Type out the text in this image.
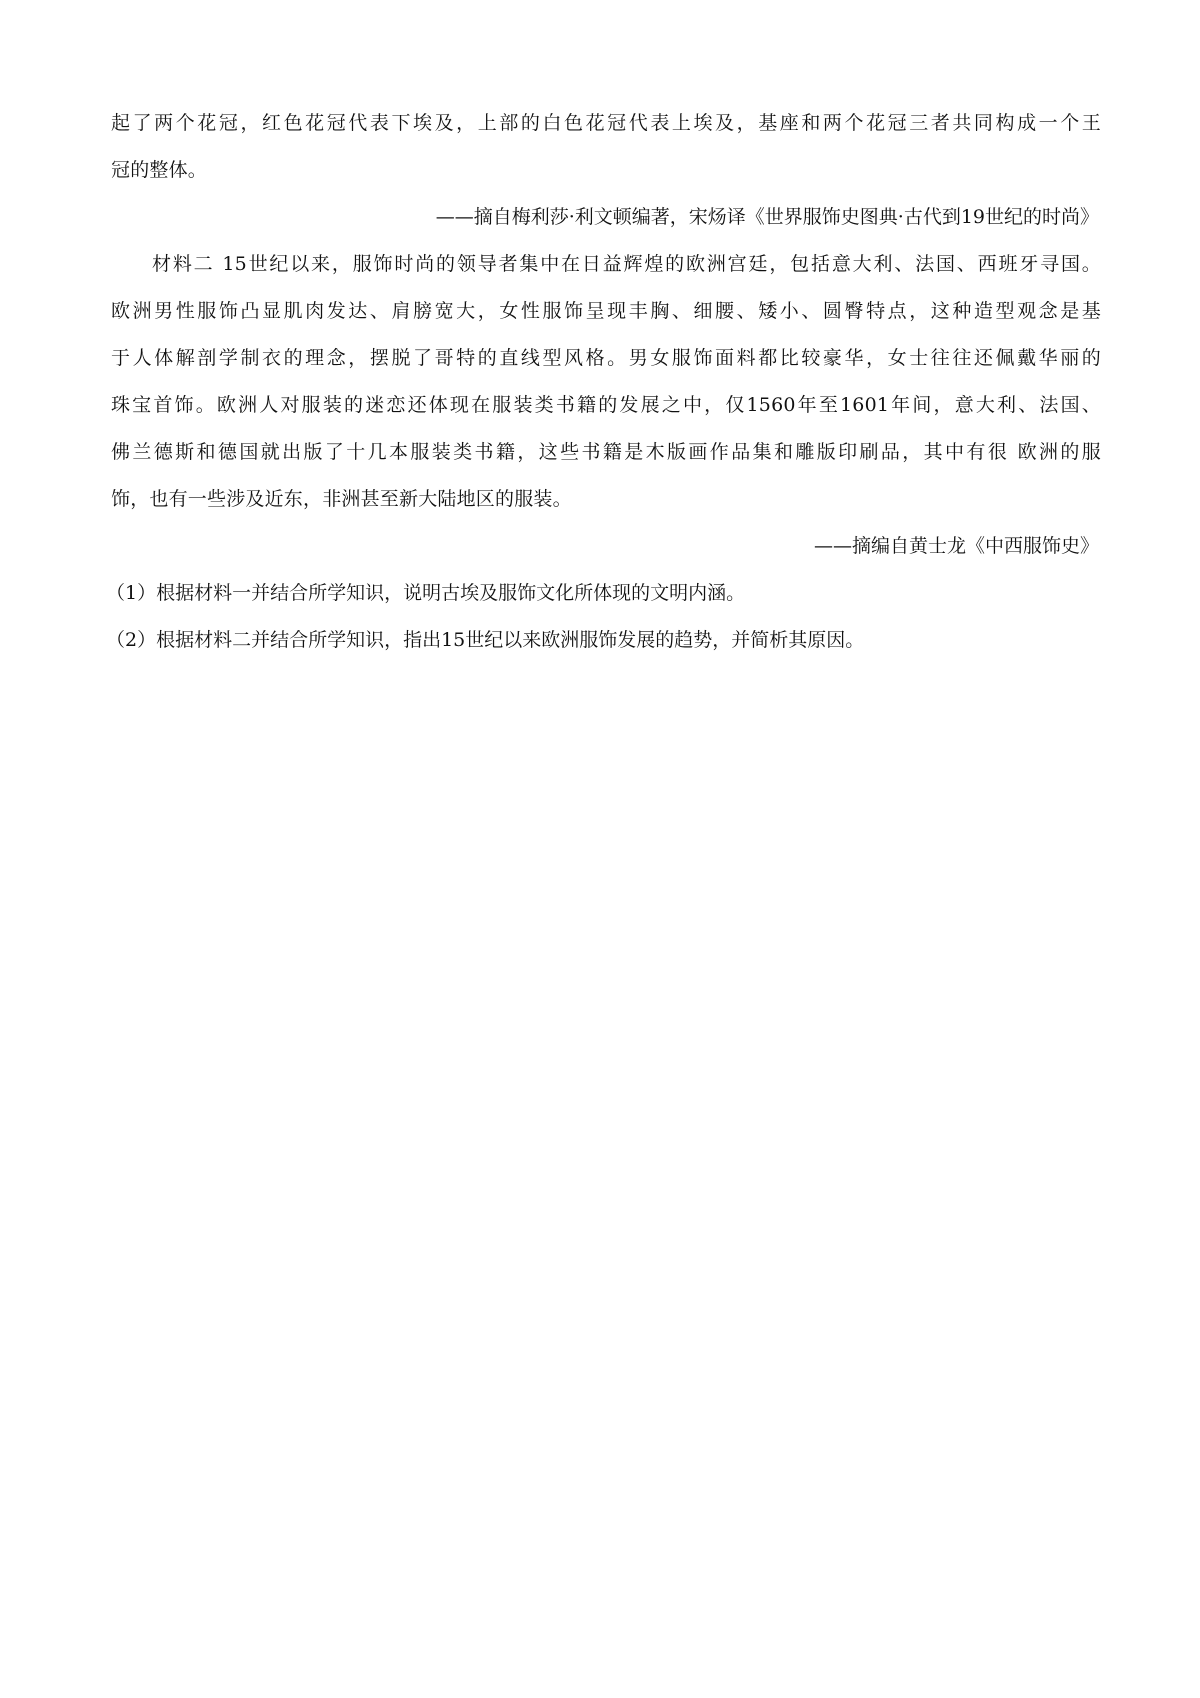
起了两个花冠，红色花冠代表下埃及，上部的白色花冠代表上埃及，基座和两个花冠三者共同构成一个王
冠的整体。
——摘自梅利莎·利文顿编著，宋炀译《世界服饰史图典·古代到19世纪的时尚》
材料二 15世纪以来，服饰时尚的领导者集中在日益辉煌的欧洲宫廷，包括意大利、法国、西班牙寻国。
欧洲男性服饰凸显肌肉发达、肩膀宽大，女性服饰呈现丰胸、细腰、矮小、圆臀特点，这种造型观念是基
于人体解剖学制衣的理念，摆脱了哥特的直线型风格。男女服饰面料都比较豪华，女士往往还佩戴华丽的
珠宝首饰。欧洲人对服装的迷恋还体现在服装类书籍的发展之中，仅1560年至1601年间，意大利、法国、
佛兰德斯和德国就出版了十几本服装类书籍，这些书籍是木版画作品集和雕版印刷品，其中有很 欧洲的服
饰，也有一些涉及近东，非洲甚至新大陆地区的服装。
——摘编自黄士龙《中西服饰史》
（1）根据材料一并结合所学知识，说明古埃及服饰文化所体现的文明内涵。
（2）根据材料二并结合所学知识，指出15世纪以来欧洲服饰发展的趋势，并简析其原因。
